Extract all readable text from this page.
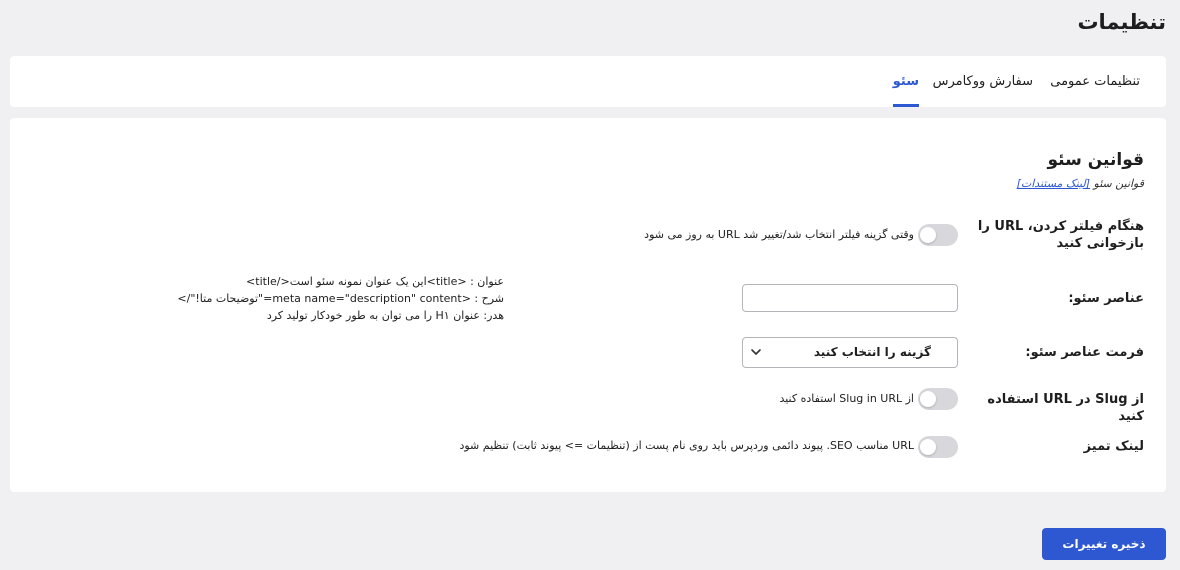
تنظیمات
تنظیمات عمومی
سفارش ووکامرس
سئو
قوانین سئو
قوانین سئو [لینک مستندات]
هنگام فیلتر کردن، URL را بازخوانی کنید
وقتی گزینه فیلتر انتخاب شد/تغییر شد URL به روز می شود
عناصر سئو:
عنوان : <title>این یک عنوان نمونه سئو است</title>
شرح : <meta name="description" content="توضیحات متا!"/>
هدر: عنوان H۱ را می توان به طور خودکار تولید کرد
فرمت عناصر سئو:
گزینه را انتخاب کنید
از Slug در URL استفاده کنید
از Slug in URL استفاده کنید
لینک تمیز
URL مناسب SEO. پیوند دائمی وردپرس باید روی نام پست از (تنظیمات => پیوند ثابت) تنظیم شود
ذخیره تغییرات
